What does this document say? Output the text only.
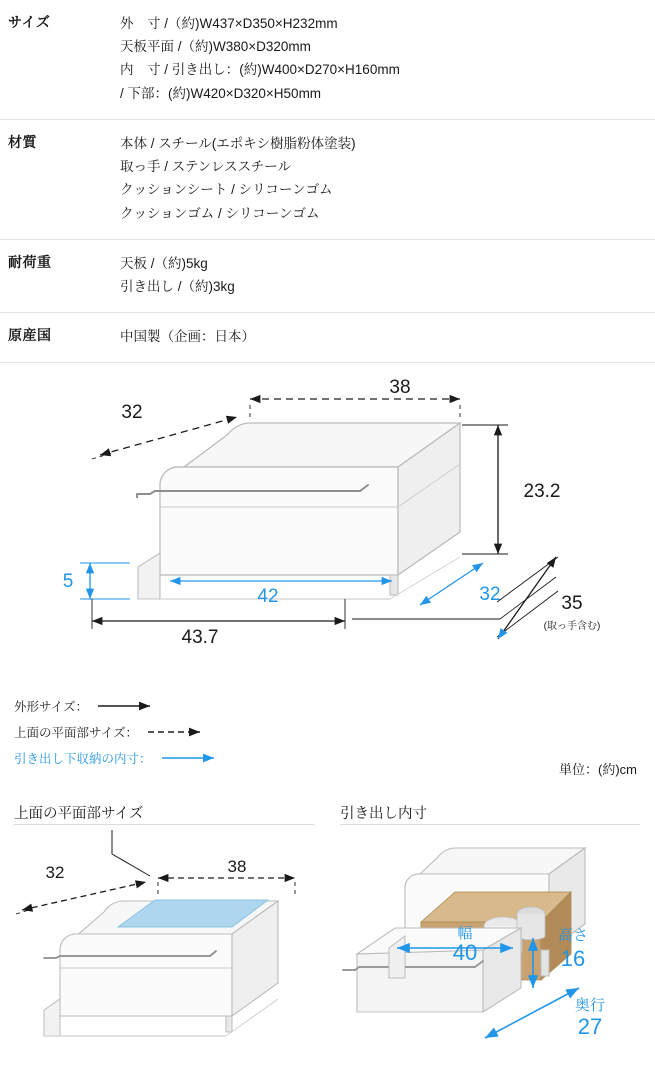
サイズ	外　寸 /（約)W437×D350×H232mm
天板平面 /（約)W380×D320mm
内　寸 / 引き出し：(約)W400×D270×H160mm
/ 下部：(約)W420×D320×H50mm

材質	本体 / スチール(エポキシ樹脂粉体塗装)
取っ手 / ステンレススチール
クッションシート / シリコーンゴム
クッションゴム / シリコーンゴム

耐荷重	天板 /（約)5kg
引き出し /（約)3kg

原産国	中国製（企画：日本）
38
32
23.2
5
42	32
43.7
35
(取っ手含む)
外形サイズ：
上面の平面部サイズ：
引き出し下収納の内寸：
単位：(約)cm
上面の平面部サイズ	引き出し内寸
38
32
幅
40
高さ
16
奥行
27
